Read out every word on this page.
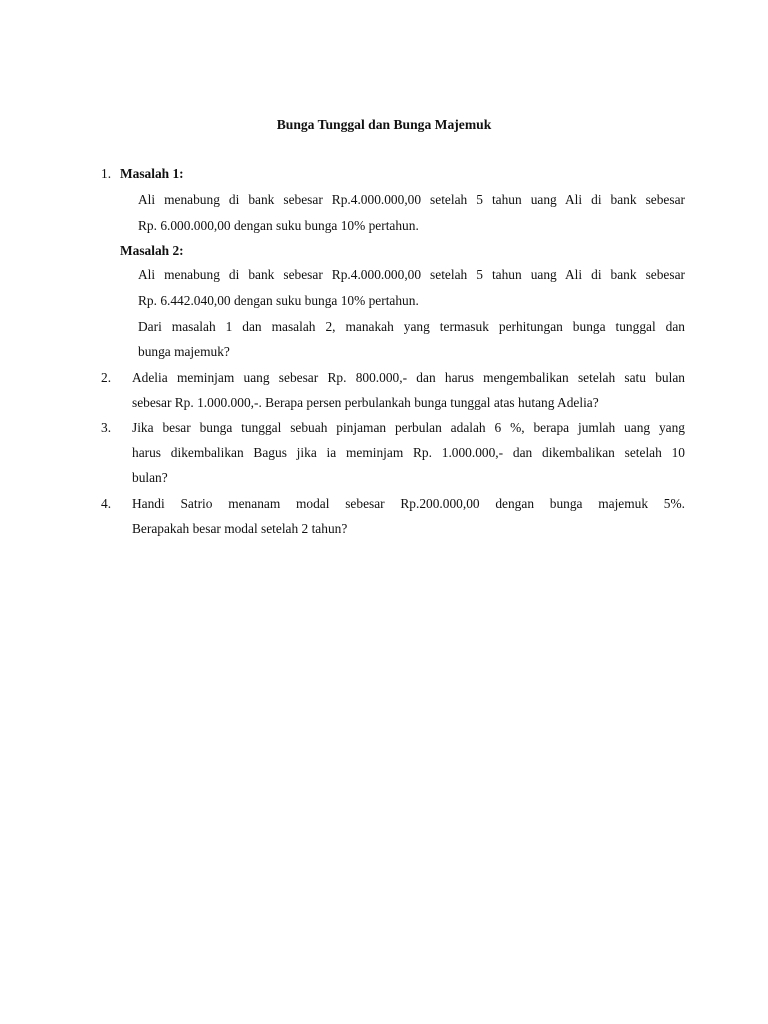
Bunga Tunggal dan Bunga Majemuk
1. Masalah 1:
Ali menabung di bank sebesar Rp.4.000.000,00 setelah 5 tahun uang Ali di bank sebesar
Rp. 6.000.000,00 dengan suku bunga 10% pertahun.
Masalah 2:
Ali menabung di bank sebesar Rp.4.000.000,00 setelah 5 tahun uang Ali di bank sebesar
Rp. 6.442.040,00 dengan suku bunga 10% pertahun.
Dari masalah 1 dan masalah 2, manakah yang termasuk perhitungan bunga tunggal dan
bunga majemuk?
2. Adelia meminjam uang sebesar Rp. 800.000,- dan harus mengembalikan setelah satu bulan
sebesar Rp. 1.000.000,-. Berapa persen perbulankah bunga tunggal atas hutang Adelia?
3. Jika besar bunga tunggal sebuah pinjaman perbulan adalah 6 %, berapa jumlah uang yang
harus dikembalikan Bagus jika ia meminjam Rp. 1.000.000,- dan dikembalikan setelah 10
bulan?
4. Handi Satrio menanam modal sebesar Rp.200.000,00 dengan bunga majemuk 5%.
Berapakah besar modal setelah 2 tahun?
